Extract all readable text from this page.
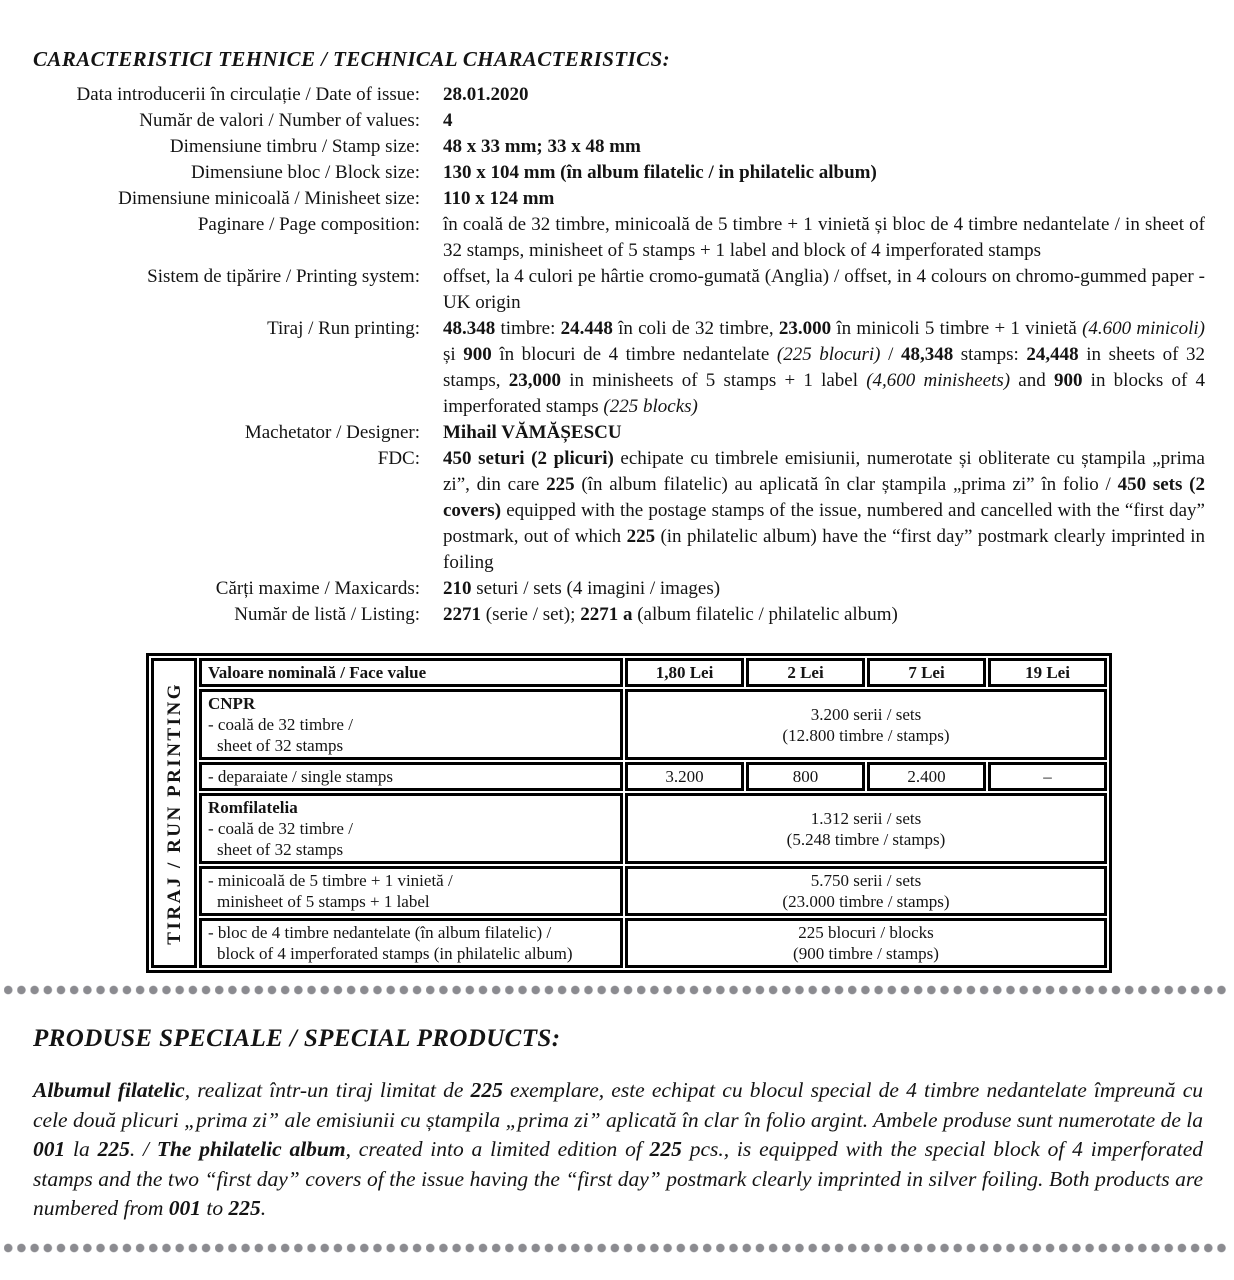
CARACTERISTICI TEHNICE / TECHNICAL CHARACTERISTICS:
Data introducerii în circulație / Date of issue: 28.01.2020
Număr de valori / Number of values: 4
Dimensiune timbru / Stamp size: 48 x 33 mm; 33 x 48 mm
Dimensiune bloc / Block size: 130 x 104 mm (în album filatelic / in philatelic album)
Dimensiune minicoală / Minisheet size: 110 x 124 mm
Paginare / Page composition: în coală de 32 timbre, minicoală de 5 timbre + 1 vinietă și bloc de 4 timbre nedantelate / in sheet of 32 stamps, minisheet of 5 stamps + 1 label and block of 4 imperforated stamps
Sistem de tipărire / Printing system: offset, la 4 culori pe hârtie cromo-gumată (Anglia) / offset, in 4 colours on chromo-gummed paper - UK origin
Tiraj / Run printing: 48.348 timbre: 24.448 în coli de 32 timbre, 23.000 în minicoli 5 timbre + 1 vinietă (4.600 minicoli) și 900 în blocuri de 4 timbre nedantelate (225 blocuri) / 48,348 stamps: 24,448 in sheets of 32 stamps, 23,000 in minisheets of 5 stamps + 1 label (4,600 minisheets) and 900 in blocks of 4 imperforated stamps (225 blocks)
Machetator / Designer: Mihail VĂMĂȘESCU
FDC: 450 seturi (2 plicuri) echipate cu timbrele emisiunii, numerotate și obliterate cu ștampila „prima zi”, din care 225 (în album filatelic) au aplicată în clar ștampila „prima zi” în folio / 450 sets (2 covers) equipped with the postage stamps of the issue, numbered and cancelled with the “first day” postmark, out of which 225 (in philatelic album) have the “first day” postmark clearly imprinted in foiling
Cărți maxime / Maxicards: 210 seturi / sets (4 imagini / images)
Număr de listă / Listing: 2271 (serie / set); 2271 a (album filatelic / philatelic album)
TIRAJ / RUN PRINTING	Valoare nominală / Face value	1,80 Lei	2 Lei	7 Lei	19 Lei

	CNPR
- coală de 32 timbre /
sheet of 32 stamps	3.200 serii / sets
(12.800 timbre / stamps)			

	- deparaiate / single stamps	3.200	800	2.400	–

	Romfilatelia
- coală de 32 timbre /
sheet of 32 stamps	1.312 serii / sets
(5.248 timbre / stamps)			

	- minicoală de 5 timbre + 1 vinietă /
minisheet of 5 stamps + 1 label	5.750 serii / sets
(23.000 timbre / stamps)			

	- bloc de 4 timbre nedantelate (în album filatelic) /
block of 4 imperforated stamps (in philatelic album)	225 blocuri / blocks
(900 timbre / stamps)			
PRODUSE SPECIALE / SPECIAL PRODUCTS:
Albumul filatelic, realizat într-un tiraj limitat de 225 exemplare, este echipat cu blocul special de 4 timbre nedantelate împreună cu cele două plicuri „prima zi” ale emisiunii cu ștampila „prima zi” aplicată în clar în folio argint. Ambele produse sunt numerotate de la 001 la 225. / The philatelic album, created into a limited edition of 225 pcs., is equipped with the special block of 4 imperforated stamps and the two “first day” covers of the issue having the “first day” postmark clearly imprinted in silver foiling. Both products are numbered from 001 to 225.
